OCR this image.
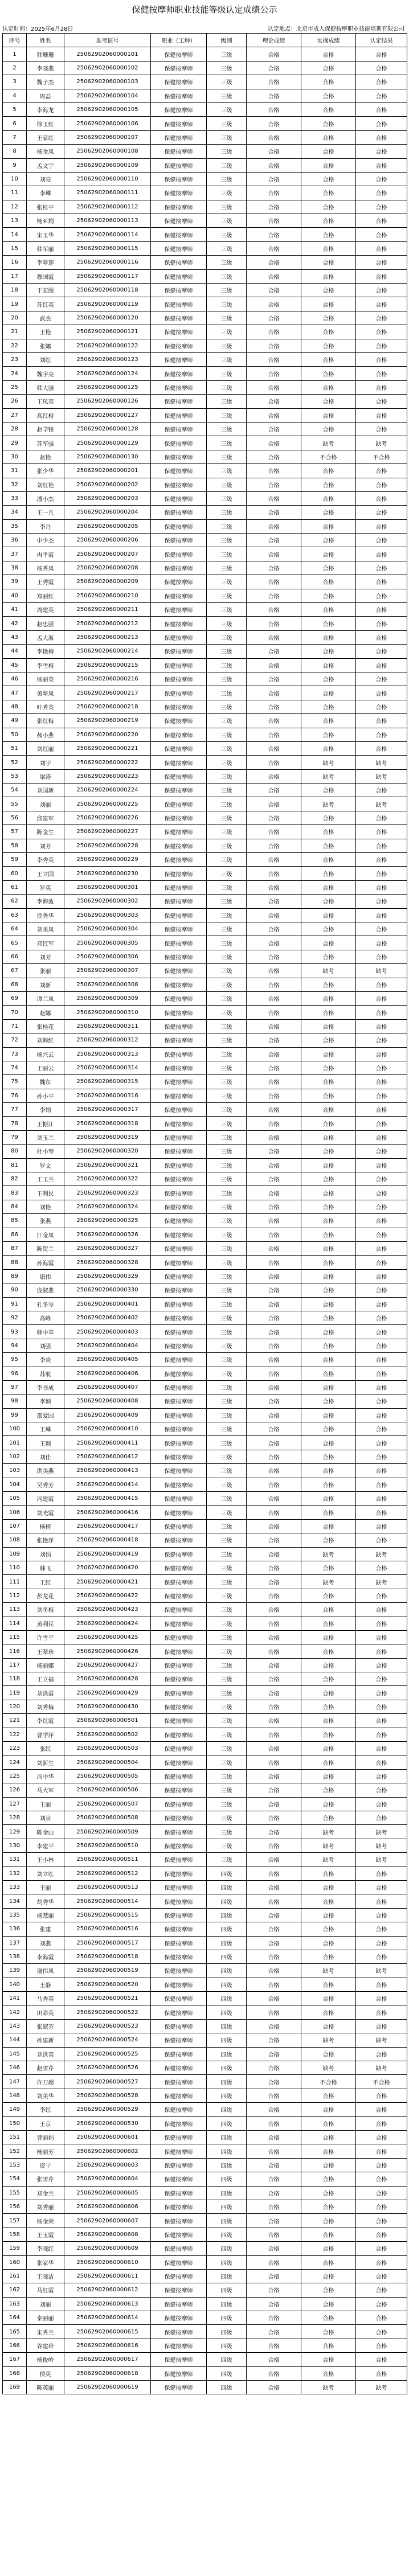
保健按摩师职业技能等级认定成绩公示
认定时间：2025年6月28日	认定地点：北京市成人保健按摩职业技能培训有限公司
序号	姓名	准考证号	职业（工种）	级别	理论成绩	实操成绩	认定结果
1	韩珊珊	25062902060000101	保健按摩师	三级	合格	合格	合格
2	李晓燕	25062902060000102	保健按摩师	三级	合格	合格	合格
3	魏子杰	25062902060000103	保健按摩师	三级	合格	合格	合格
4	周益	25062902060000104	保健按摩师	三级	合格	合格	合格
5	李海龙	25062902060000105	保健按摩师	三级	合格	合格	合格
6	徐玉红	25062902060000106	保健按摩师	三级	合格	合格	合格
7	王家红	25062902060000107	保健按摩师	三级	合格	合格	合格
8	杨金凤	25062902060000108	保健按摩师	三级	合格	合格	合格
9	孟文宇	25062902060000109	保健按摩师	三级	合格	合格	合格
10	刘亮	25062902060000110	保健按摩师	三级	合格	合格	合格
11	李琳	25062902060000111	保健按摩师	三级	合格	合格	合格
12	张桂平	25062902060000112	保健按摩师	三级	合格	合格	合格
13	杨亚娟	25062902060000113	保健按摩师	三级	合格	合格	合格
14	宋玉华	25062902060000114	保健按摩师	三级	合格	合格	合格
15	韩军丽	25062902060000115	保健按摩师	三级	合格	合格	合格
16	李翠莲	25062902060000116	保健按摩师	三级	合格	合格	合格
17	穆国霞	25062902060000117	保健按摩师	三级	合格	合格	合格
18	于宏图	25062902060000118	保健按摩师	三级	合格	合格	合格
19	苏红英	25062902060000119	保健按摩师	三级	合格	合格	合格
20	武杰	25062902060000120	保健按摩师	三级	合格	合格	合格
21	王艳	25062902060000121	保健按摩师	三级	合格	合格	合格
22	张娜	25062902060000122	保健按摩师	三级	合格	合格	合格
23	刘红	25062902060000123	保健按摩师	三级	合格	合格	合格
24	魏宇亮	25062902060000124	保健按摩师	三级	合格	合格	合格
25	韩大强	25062902060000125	保健按摩师	三级	合格	合格	合格
26	王凤英	25062902060000126	保健按摩师	三级	合格	合格	合格
27	高红梅	25062902060000127	保健按摩师	三级	合格	合格	合格
28	赵学锋	25062902060000128	保健按摩师	三级	合格	合格	合格
29	苏军强	25062902060000129	保健按摩师	三级	合格	缺考	缺考
30	赵艳	25062902060000130	保健按摩师	三级	合格	不合格	不合格
31	张少华	25062902060000201	保健按摩师	三级	合格	合格	合格
32	刘红艳	25062902060000202	保健按摩师	三级	合格	合格	合格
33	潘小杰	25062902060000203	保健按摩师	三级	合格	合格	合格
34	王一凡	25062902060000204	保健按摩师	三级	合格	合格	合格
35	李丹	25062902060000205	保健按摩师	三级	合格	合格	合格
36	申少杰	25062902060000206	保健按摩师	三级	合格	合格	合格
37	冉平霞	25062902060000207	保健按摩师	三级	合格	合格	合格
38	杨秀凤	25062902060000208	保健按摩师	三级	合格	合格	合格
39	王秀霞	25062902060000209	保健按摩师	三级	合格	合格	合格
40	郑丽红	25062902060000210	保健按摩师	三级	合格	合格	合格
41	周建英	25062902060000211	保健按摩师	三级	合格	合格	合格
42	赵忠强	25062902060000212	保健按摩师	三级	合格	合格	合格
43	孟大海	25062902060000213	保健按摩师	三级	合格	合格	合格
44	李艳梅	25062902060000214	保健按摩师	三级	合格	合格	合格
45	李雪梅	25062902060000215	保健按摩师	三级	合格	合格	合格
46	杨丽英	25062902060000216	保健按摩师	三级	合格	合格	合格
47	黄翠凤	25062902060000217	保健按摩师	三级	合格	合格	合格
48	叶秀英	25062902060000218	保健按摩师	三级	合格	合格	合格
49	张红梅	25062902060000219	保健按摩师	三级	合格	合格	合格
50	郝小燕	25062902060000220	保健按摩师	三级	合格	合格	合格
51	刘红丽	25062902060000221	保健按摩师	三级	合格	合格	合格
52	刘宇	25062902060000222	保健按摩师	三级	合格	缺考	缺考
53	梁涛	25062902060000223	保健按摩师	三级	合格	缺考	缺考
54	刘国新	25062902060000224	保健按摩师	三级	合格	合格	合格
55	刘丽	25062902060000225	保健按摩师	三级	合格	缺考	缺考
56	邱建军	25062902060000226	保健按摩师	三级	合格	合格	合格
57	陈金生	25062902060000227	保健按摩师	三级	合格	合格	合格
58	刘芳	25062902060000228	保健按摩师	三级	合格	合格	合格
59	李秀英	25062902060000229	保健按摩师	三级	合格	合格	合格
60	王立国	25062902060000230	保健按摩师	三级	合格	合格	合格
61	罗英	25062902060000301	保健按摩师	三级	合格	合格	合格
62	李海波	25062902060000302	保健按摩师	三级	合格	合格	合格
63	徐秀华	25062902060000303	保健按摩师	三级	合格	合格	合格
64	刘美凤	25062902060000304	保健按摩师	三级	合格	合格	合格
65	邓红军	25062902060000305	保健按摩师	三级	合格	合格	合格
66	刘芳	25062902060000306	保健按摩师	三级	合格	合格	合格
67	张丽	25062902060000307	保健按摩师	三级	合格	缺考	缺考
68	刘新	25062902060000308	保健按摩师	三级	合格	合格	合格
69	谭兰凤	25062902060000309	保健按摩师	三级	合格	合格	合格
70	赵娜	25062902060000310	保健按摩师	三级	合格	合格	合格
71	张桂花	25062902060000311	保健按摩师	三级	合格	合格	合格
72	刘海红	25062902060000312	保健按摩师	三级	合格	合格	合格
73	杨兴云	25062902060000313	保健按摩师	三级	合格	合格	合格
74	王丽云	25062902060000314	保健按摩师	三级	合格	合格	合格
75	魏东	25062902060000315	保健按摩师	三级	合格	合格	合格
76	孙小平	25062902060000316	保健按摩师	三级	合格	合格	合格
77	李娟	25062902060000317	保健按摩师	三级	合格	合格	合格
78	王振江	25062902060000318	保健按摩师	三级	合格	合格	合格
79	刘玉兰	25062902060000319	保健按摩师	三级	合格	合格	合格
80	杜小琴	25062902060000320	保健按摩师	三级	合格	合格	合格
81	罗文	25062902060000321	保健按摩师	三级	合格	合格	合格
82	王玉兰	25062902060000322	保健按摩师	三级	合格	合格	合格
83	王利民	25062902060000323	保健按摩师	三级	合格	合格	合格
84	刘艳	25062902060000324	保健按摩师	三级	合格	合格	合格
85	张燕	25062902060000325	保健按摩师	三级	合格	合格	合格
86	江金凤	25062902060000326	保健按摩师	三级	合格	合格	合格
87	陈贺兰	25062902060000327	保健按摩师	三级	合格	合格	合格
88	孙海霞	25062902060000328	保健按摩师	三级	合格	合格	合格
89	康伟	25062902060000329	保健按摩师	三级	合格	合格	合格
90	庞淑燕	25062902060000330	保健按摩师	三级	合格	合格	合格
91	孔冬岑	25062902060000401	保健按摩师	三级	合格	合格	合格
92	高峰	25062902060000402	保健按摩师	三级	合格	合格	合格
93	韩中革	25062902060000403	保健按摩师	三级	合格	合格	合格
94	刘强	25062902060000404	保健按摩师	三级	合格	合格	合格
95	李炎	25062902060000405	保健按摩师	三级	合格	合格	合格
96	苏航	25062902060000406	保健按摩师	三级	合格	合格	合格
97	李书成	25062902060000407	保健按摩师	三级	合格	合格	合格
98	李颖	25062902060000408	保健按摩师	三级	合格	合格	合格
99	邵爱国	25062902060000409	保健按摩师	三级	合格	合格	合格
100	王琳	25062902060000410	保健按摩师	三级	合格	合格	合格
101	王颖	25062902060000411	保健按摩师	三级	合格	合格	合格
102	刘佳	25062902060000412	保健按摩师	三级	合格	合格	合格
103	洪美燕	25062902060000413	保健按摩师	三级	合格	合格	合格
104	吴秀芳	25062902060000414	保健按摩师	三级	合格	合格	合格
105	冯建霞	25062902060000415	保健按摩师	三级	合格	合格	合格
106	刘光霞	25062902060000416	保健按摩师	三级	合格	合格	合格
107	杨梅	25062902060000417	保健按摩师	三级	合格	合格	合格
108	张艳萍	25062902060000418	保健按摩师	三级	合格	合格	合格
109	刘娟	25062902060000419	保健按摩师	三级	合格	缺考	缺考
110	韩飞	25062902060000420	保健按摩师	三级	合格	合格	合格
111	王红	25062902060000421	保健按摩师	三级	合格	缺考	缺考
112	彭龙花	25062902060000422	保健按摩师	三级	合格	合格	合格
113	刘冬梅	25062902060000423	保健按摩师	三级	合格	合格	合格
114	黄利民	25062902060000424	保健按摩师	三级	合格	合格	合格
115	许雪平	25062902060000425	保健按摩师	三级	合格	合格	合格
116	王翠珍	25062902060000426	保健按摩师	三级	合格	合格	合格
117	杨丽娜	25062902060000427	保健按摩师	三级	合格	合格	合格
118	王立福	25062902060000428	保健按摩师	三级	合格	合格	合格
119	刘洪霞	25062902060000429	保健按摩师	三级	合格	合格	合格
120	刘秀梅	25062902060000430	保健按摩师	三级	合格	合格	合格
121	李红霞	25062902060000501	保健按摩师	三级	合格	合格	合格
122	曹学萍	25062902060000502	保健按摩师	三级	合格	合格	合格
123	张红	25062902060000503	保健按摩师	三级	合格	合格	合格
124	刘新生	25062902060000504	保健按摩师	三级	合格	合格	合格
125	冯中华	25062902060000505	保健按摩师	三级	合格	合格	合格
126	马大军	25062902060000506	保健按摩师	三级	合格	合格	合格
127	王丽	25062902060000507	保健按摩师	三级	合格	合格	合格
128	刘京	25062902060000508	保健按摩师	三级	合格	合格	合格
129	陈金山	25062902060000509	保健按摩师	三级	合格	缺考	缺考
130	李建平	25062902060000510	保健按摩师	三级	合格	缺考	缺考
131	王小林	25062902060000511	保健按摩师	三级	合格	缺考	缺考
132	刘立红	25062902060000512	保健按摩师	四级	合格	合格	合格
133	王丽	25062902060000513	保健按摩师	四级	合格	合格	合格
134	胡秀华	25062902060000514	保健按摩师	四级	合格	合格	合格
135	杨慧丽	25062902060000515	保健按摩师	四级	合格	合格	合格
136	张建	25062902060000516	保健按摩师	四级	合格	合格	合格
137	刘燕	25062902060000517	保健按摩师	四级	合格	合格	合格
138	李海霞	25062902060000518	保健按摩师	四级	合格	合格	合格
139	谢伟凤	25062902060000519	保健按摩师	四级	合格	缺考	缺考
140	王静	25062902060000520	保健按摩师	四级	合格	合格	合格
141	马秀英	25062902060000521	保健按摩师	四级	合格	合格	合格
142	田彩英	25062902060000522	保健按摩师	四级	合格	合格	合格
143	张淑芬	25062902060000523	保健按摩师	四级	合格	合格	合格
144	孙建新	25062902060000524	保健按摩师	四级	合格	缺考	缺考
145	刘洪英	25062902060000525	保健按摩师	四级	合格	合格	合格
146	赵雪芹	25062902060000526	保健按摩师	四级	合格	缺考	缺考
147	许刀超	25062902060000527	保健按摩师	四级	合格	不合格	不合格
148	刘美华	25062902060000528	保健按摩师	四级	合格	合格	合格
149	李红	25062902060000529	保健按摩师	四级	合格	合格	合格
150	王京	25062902060000530	保健按摩师	四级	合格	合格	合格
151	曹丽娟	25062902060000601	保健按摩师	四级	合格	合格	合格
152	杨丽芳	25062902060000602	保健按摩师	四级	合格	合格	合格
153	庞宁	25062902060000603	保健按摩师	四级	合格	合格	合格
154	张雪芹	25062902060000604	保健按摩师	四级	合格	合格	合格
155	郑金兰	25062902060000605	保健按摩师	四级	合格	合格	合格
156	刘秀丽	25062902060000606	保健按摩师	四级	合格	合格	合格
157	杨金荣	25062902060000607	保健按摩师	四级	合格	合格	合格
158	王玉霞	25062902060000608	保健按摩师	四级	合格	合格	合格
159	李晓红	25062902060000609	保健按摩师	四级	合格	合格	合格
160	张家华	25062902060000610	保健按摩师	四级	合格	合格	合格
161	王晓洁	25062902060000611	保健按摩师	四级	合格	合格	合格
162	马红霞	25062902060000612	保健按摩师	四级	合格	合格	合格
163	刘丽	25062902060000613	保健按摩师	四级	合格	合格	合格
164	秦丽丽	25062902060000614	保健按摩师	四级	合格	合格	合格
165	宋秀兰	25062902060000615	保健按摩师	四级	合格	合格	合格
166	谷建玲	25062902060000616	保健按摩师	四级	合格	合格	合格
167	杨俊岭	25062902060000617	保健按摩师	四级	合格	合格	合格
168	侯英	25062902060000618	保健按摩师	四级	合格	合格	合格
169	陈英丽	25062902060000619	保健按摩师	四级	合格	缺考	缺考
